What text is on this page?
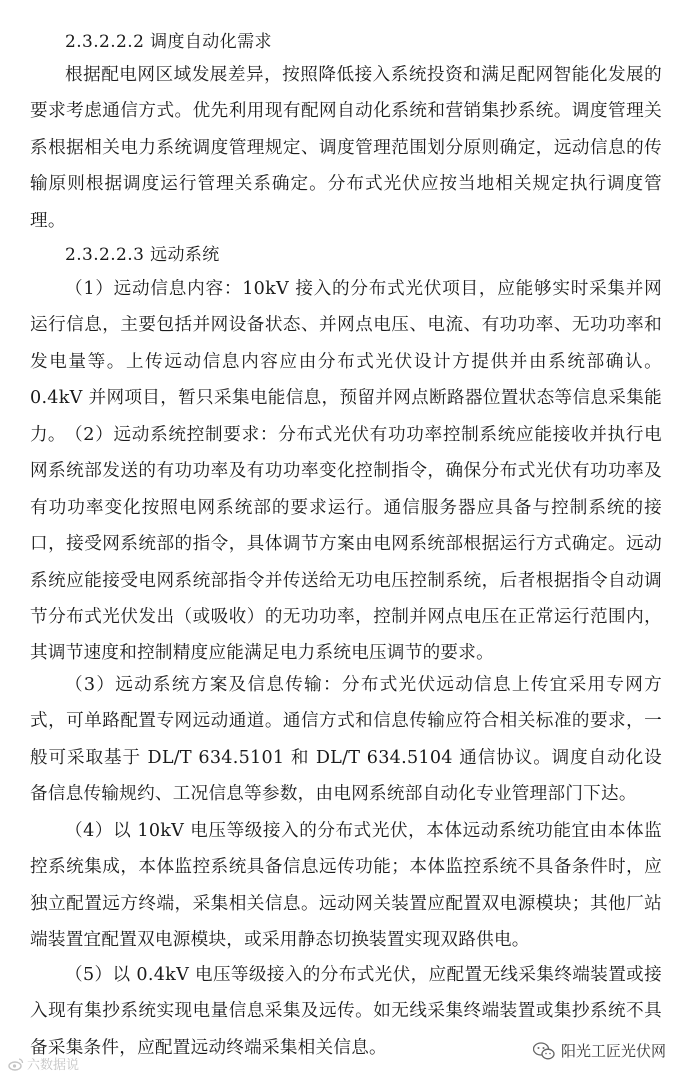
2.3.2.2.2 调度自动化需求

根据配电网区域发展差异，按照降低接入系统投资和满足配网智能化发展的要求考虑通信方式。优先利用现有配网自动化系统和营销集抄系统。调度管理关系根据相关电力系统调度管理规定、调度管理范围划分原则确定，远动信息的传输原则根据调度运行管理关系确定。分布式光伏应按当地相关规定执行调度管理。

2.3.2.2.3 远动系统

（1）远动信息内容：10kV 接入的分布式光伏项目，应能够实时采集并网运行信息，主要包括并网设备状态、并网点电压、电流、有功功率、无功功率和发电量等。上传远动信息内容应由分布式光伏设计方提供并由系统部确认。0.4kV 并网项目，暂只采集电能信息，预留并网点断路器位置状态等信息采集能力。 （2）远动系统控制要求：分布式光伏有功功率控制系统应能接收并执行电网系统部发送的有功功率及有功功率变化控制指令，确保分布式光伏有功功率及有功功率变化按照电网系统部的要求运行。通信服务器应具备与控制系统的接口，接受网系统部的指令，具体调节方案由电网系统部根据运行方式确定。远动系统应能接受电网系统部指令并传送给无功电压控制系统，后者根据指令自动调节分布式光伏发出（或吸收）的无功功率，控制并网点电压在正常运行范围内，其调节速度和控制精度应能满足电力系统电压调节的要求。

（3）远动系统方案及信息传输：分布式光伏远动信息上传宜采用专网方式，可单路配置专网远动通道。通信方式和信息传输应符合相关标准的要求，一般可采取基于 DL/T 634.5101 和 DL/T 634.5104 通信协议。调度自动化设备信息传输规约、工况信息等参数，由电网系统部自动化专业管理部门下达。

（4）以 10kV 电压等级接入的分布式光伏，本体远动系统功能宜由本体监控系统集成，本体监控系统具备信息远传功能；本体监控系统不具备条件时，应独立配置远方终端，采集相关信息。远动网关装置应配置双电源模块；其他厂站端装置宜配置双电源模块，或采用静态切换装置实现双路供电。

（5）以 0.4kV 电压等级接入的分布式光伏，应配置无线采集终端装置或接入现有集抄系统实现电量信息采集及远传。如无线采集终端装置或集抄系统不具备采集条件，应配置远动终端采集相关信息。

六数据说
阳光工匠光伏网
